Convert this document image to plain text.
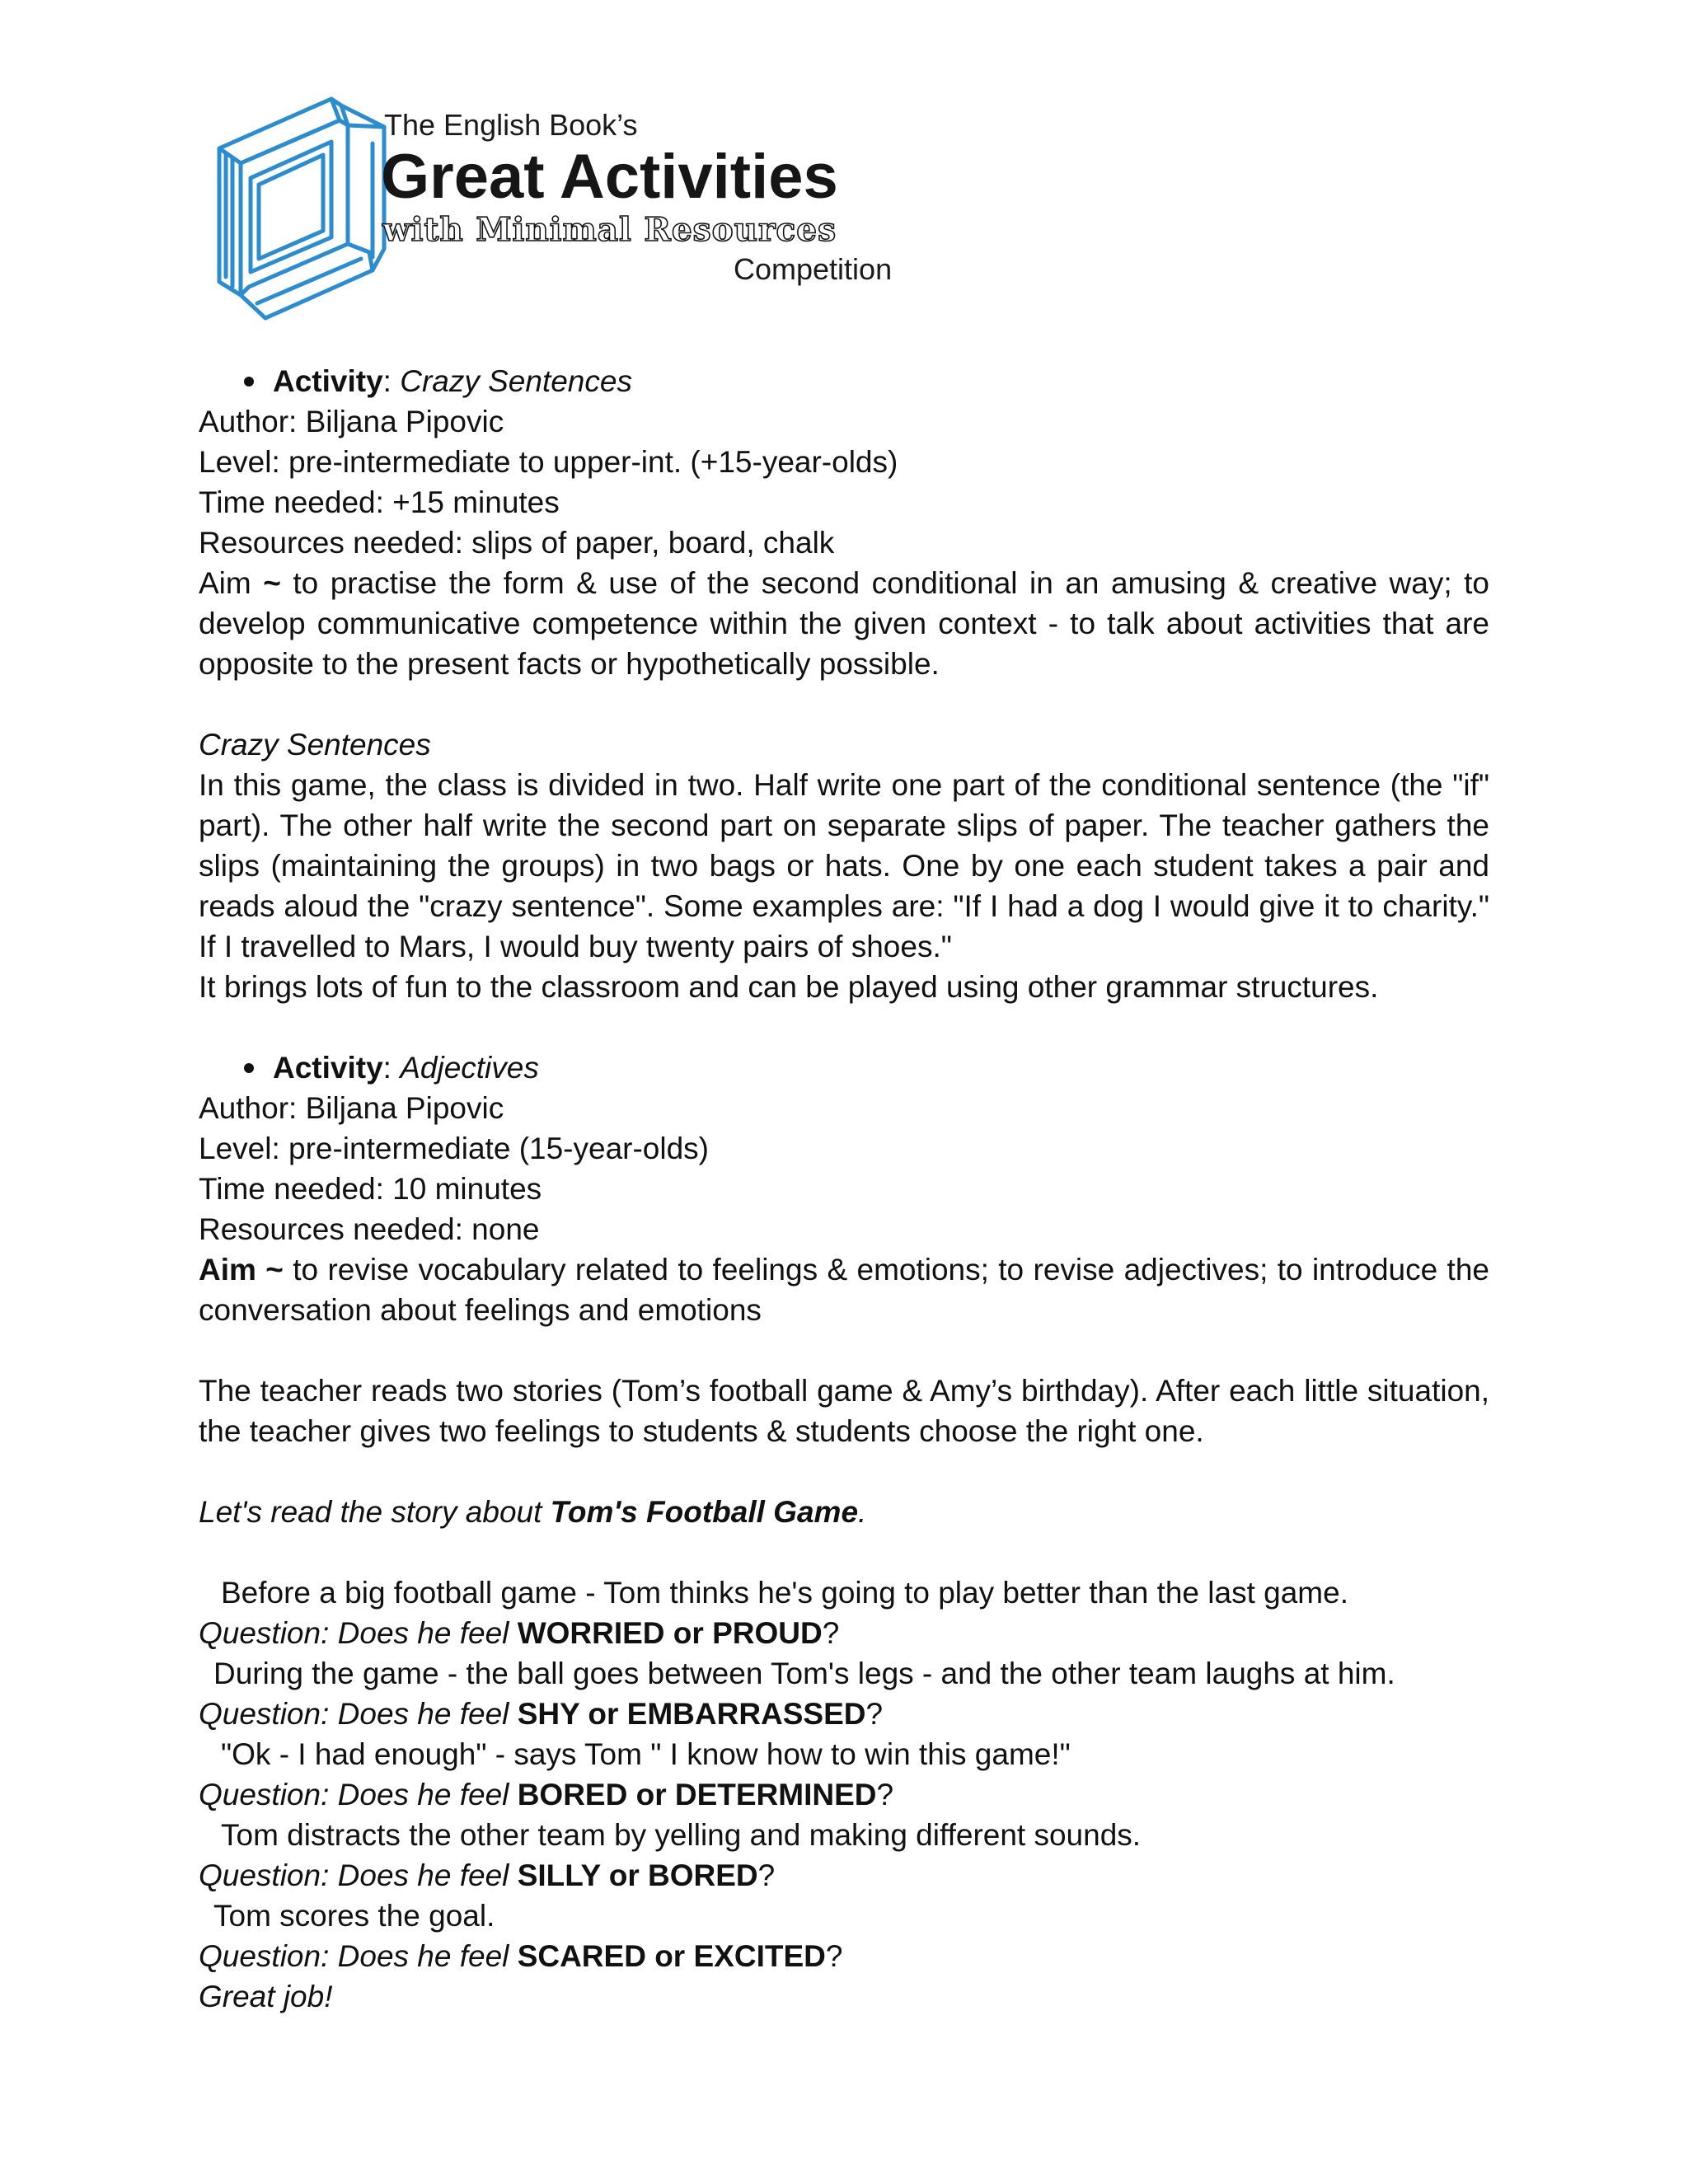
The English Book’s
Great Activities
with Minimal Resources
Competition

Activity: Crazy Sentences

Author: Biljana Pipovic

Level: pre-intermediate to upper-int. (+15-year-olds)

Time needed: +15 minutes

Resources needed: slips of paper, board, chalk

Aim ~ to practise the form & use of the second conditional in an amusing & creative way; to develop communicative competence within the given context - to talk about activities that are opposite to the present facts or hypothetically possible.

Crazy Sentences

In this game, the class is divided in two. Half write one part of the conditional sentence (the "if" part). The other half write the second part on separate slips of paper. The teacher gathers the slips (maintaining the groups) in two bags or hats. One by one each student takes a pair and reads aloud the "crazy sentence". Some examples are: "If I had a dog I would give it to charity." If I travelled to Mars, I would buy twenty pairs of shoes."

It brings lots of fun to the classroom and can be played using other grammar structures.

Activity: Adjectives

Author: Biljana Pipovic

Level: pre-intermediate (15-year-olds)

Time needed: 10 minutes

Resources needed: none

Aim ~ to revise vocabulary related to feelings & emotions; to revise adjectives; to introduce the conversation about feelings and emotions

The teacher reads two stories (Tom’s football game & Amy’s birthday). After each little situation, the teacher gives two feelings to students & students choose the right one.

Let's read the story about Tom's Football Game.

Before a big football game - Tom thinks he's going to play better than the last game.

Question: Does he feel WORRIED or PROUD?

During the game - the ball goes between Tom's legs - and the other team laughs at him.

Question: Does he feel SHY or EMBARRASSED?

"Ok - I had enough" - says Tom " I know how to win this game!"

Question: Does he feel BORED or DETERMINED?

Tom distracts the other team by yelling and making different sounds.

Question: Does he feel SILLY or BORED?

Tom scores the goal.

Question: Does he feel SCARED or EXCITED?

Great job!
